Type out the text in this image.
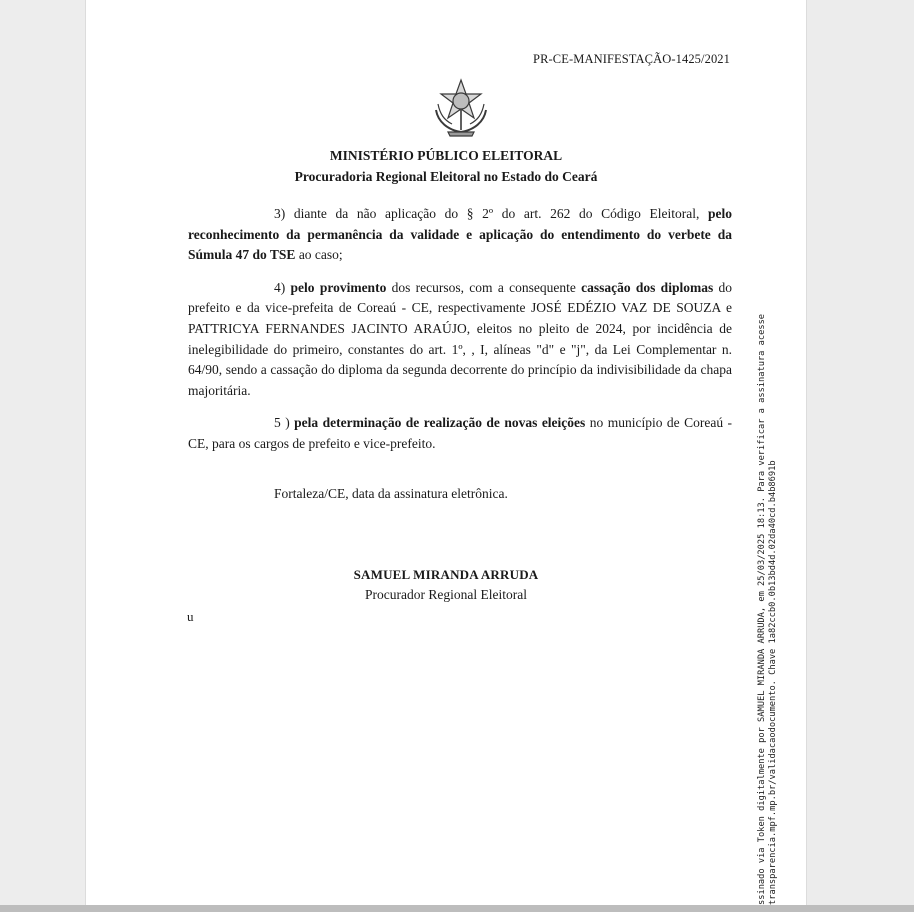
PR-CE-MANIFESTAÇÃO-1425/2021
MINISTÉRIO PÚBLICO ELEITORAL
Procuradoria Regional Eleitoral no Estado do Ceará

3) diante da não aplicação do § 2º do art. 262 do Código Eleitoral, pelo reconhecimento da permanência da validade e aplicação do entendimento do verbete da Súmula 47 do TSE ao caso;

4) pelo provimento dos recursos, com a consequente cassação dos diplomas do prefeito e da vice-prefeita de Coreaú - CE, respectivamente JOSÉ EDÉZIO VAZ DE SOUZA e PATTRICYA FERNANDES JACINTO ARAÚJO, eleitos no pleito de 2024, por incidência de inelegibilidade do primeiro, constantes do art. 1º, , I, alíneas "d" e "j", da Lei Complementar n. 64/90, sendo a cassação do diploma da segunda decorrente do princípio da indivisibilidade da chapa majoritária.

5 ) pela determinação de realização de novas eleições no município de Coreaú - CE, para os cargos de prefeito e vice-prefeito.

Fortaleza/CE, data da assinatura eletrônica.
SAMUEL MIRANDA ARRUDA
Procurador Regional Eleitoral
u	ssinado via Token digitalmente por SAMUEL MIRANDA ARRUDA, em 25/03/2025 18:13. Para verificar a assinatura acesse transparencia.mpf.mp.br/validacaodocumento. Chave 1a82ccb0.0b13bd4d.02da40cd.b4b8691b
